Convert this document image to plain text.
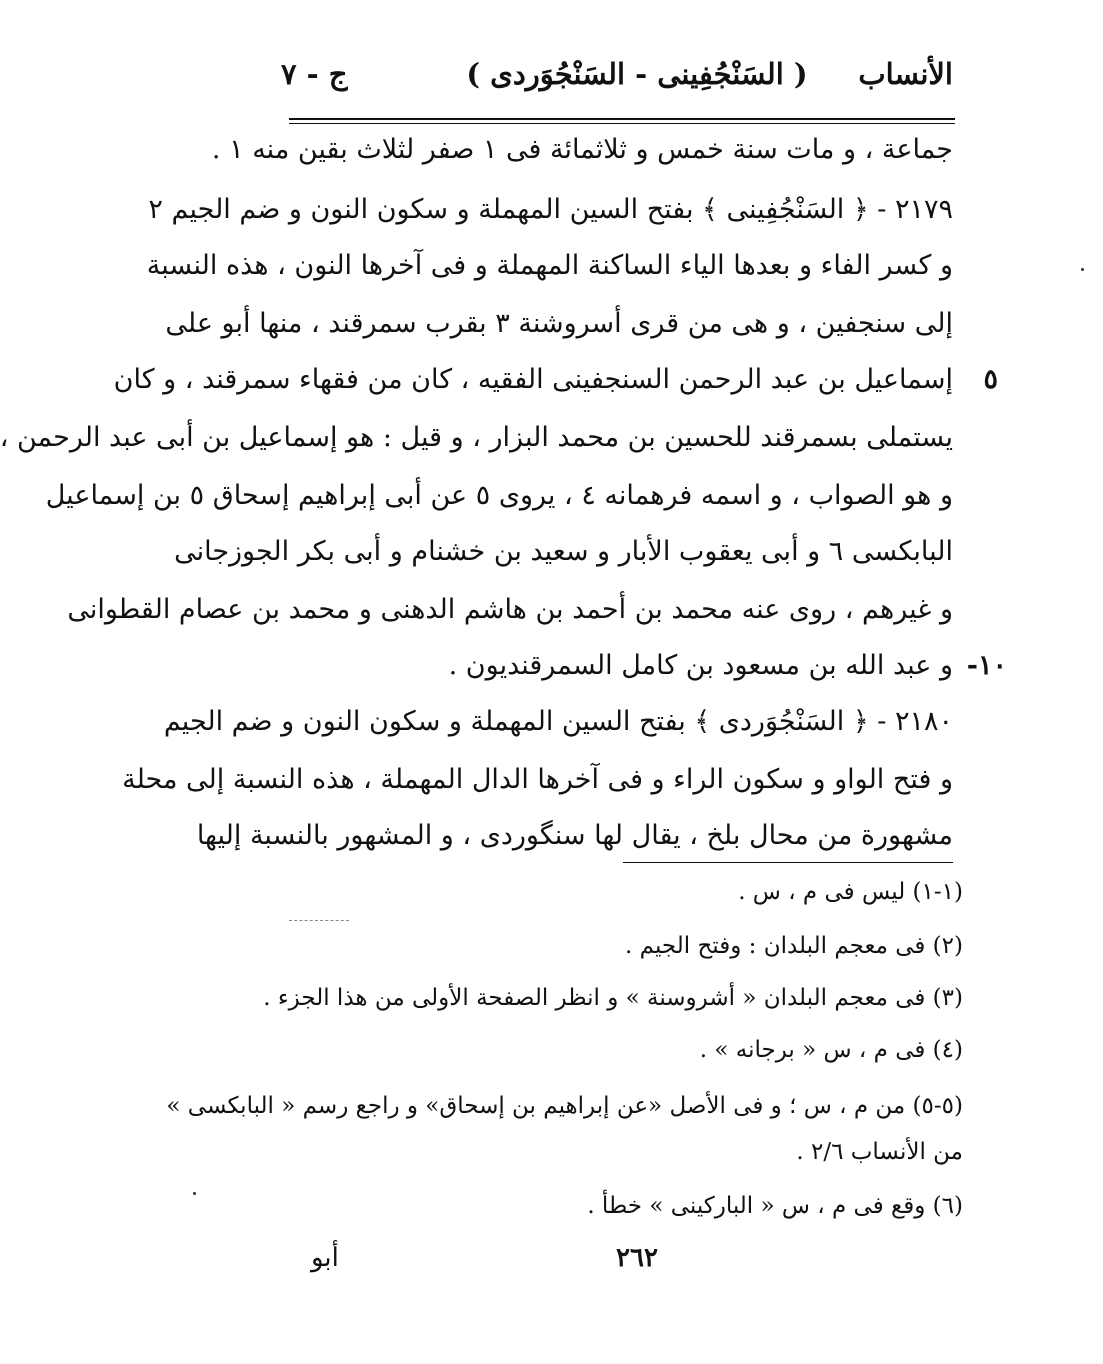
الأنساب
( السَنْجُفِينى - السَنْجُوَردى )
ج - ٧
جماعة ، و مات سنة خمس و ثلاثمائة فى ١ صفر لثلاث بقين منه ١ .
٢١٧٩ - ﴿ السَنْجُفِينى ﴾ بفتح السين المهملة و سكون النون و ضم الجيم ٢
و كسر الفاء و بعدها الياء الساكنة المهملة و فى آخرها النون ، هذه النسبة
إلى سنجفين ، و هى من قرى أسروشنة ٣ بقرب سمرقند ، منها أبو على
إسماعيل بن عبد الرحمن السنجفينى الفقيه ، كان من فقهاء سمرقند ، و كان ٥
يستملى بسمرقند للحسين بن محمد البزار ، و قيل : هو إسماعيل بن أبى عبد الرحمن ،
و هو الصواب ، و اسمه فرهمانه ٤ ، يروى ٥ عن أبى إبراهيم إسحاق ٥ بن إسماعيل
البابكسى ٦ و أبى يعقوب الأبار و سعيد بن خشنام و أبى بكر الجوزجانى
و غيرهم ، روى عنه محمد بن أحمد بن هاشم الدهنى و محمد بن عصام القطوانى
و عبد الله بن مسعود بن كامل السمرقنديون . ١٠-
٢١٨٠ - ﴿ السَنْجُوَردى ﴾ بفتح السين المهملة و سكون النون و ضم الجيم
و فتح الواو و سكون الراء و فى آخرها الدال المهملة ، هذه النسبة إلى محلة
مشهورة من محال بلخ ، يقال لها سنگوردى ، و المشهور بالنسبة إليها
(١-١) ليس فى م ، س .
(٢) فى معجم البلدان : وفتح الجيم .
(٣) فى معجم البلدان « أشروسنة » و انظر الصفحة الأولى من هذا الجزء .
(٤) فى م ، س « برجانه » .
(٥-٥) من م ، س ؛ و فى الأصل «عن إبراهيم بن إسحاق» و راجع رسم « البابكسى »
من الأنساب ٢/٦ .
(٦) وقع فى م ، س « الباركينى » خطأ .
٢٦٢
أبو
